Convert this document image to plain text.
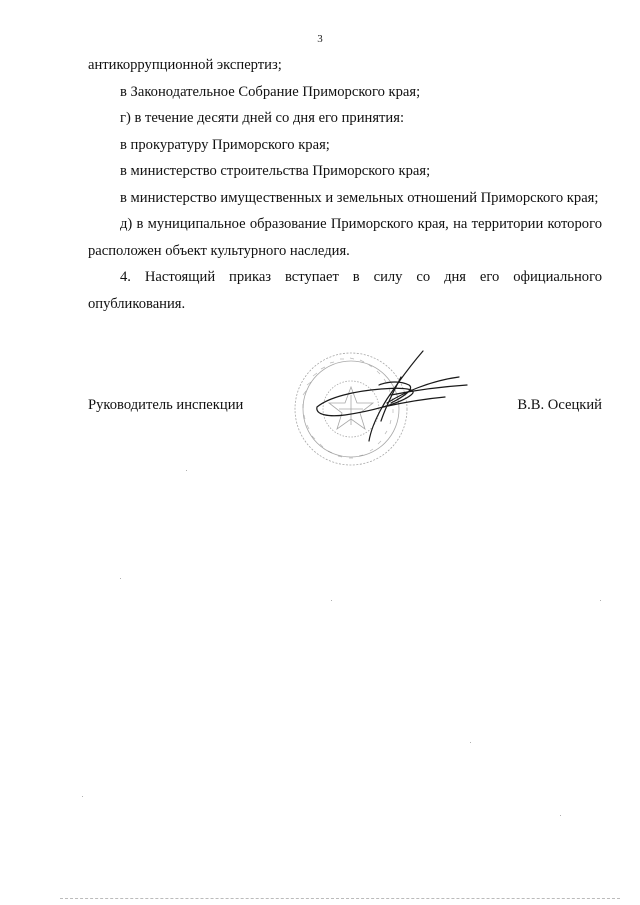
3

антикоррупционной экспертиз;

в Законодательное Собрание Приморского края;

г) в течение десяти дней со дня его принятия:

в прокуратуру Приморского края;

в министерство строительства Приморского края;

в министерство имущественных и земельных отношений Приморского края;

д) в муниципальное образование Приморского края, на территории которого расположен объект культурного наследия.

4. Настоящий приказ вступает в силу со дня его официального опубликования.

Руководитель инспекции	В.В. Осецкий
